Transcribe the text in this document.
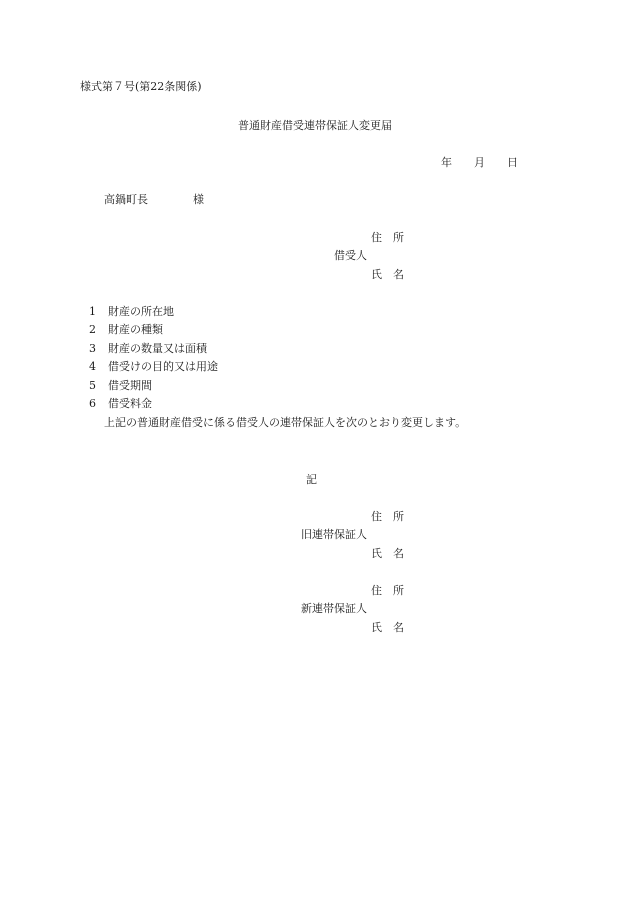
様式第７号(第22条関係)
普通財産借受連帯保証人変更届
年 月 日
高鍋町長	様
住所
借受人
氏名
1 財産の所在地
2 財産の種類
3 財産の数量又は面積
4 借受けの目的又は用途
5 借受期間
6 借受料金
上記の普通財産借受に係る借受人の連帯保証人を次のとおり変更します。
記
住所
旧連帯保証人
氏名
住所
新連帯保証人
氏名
